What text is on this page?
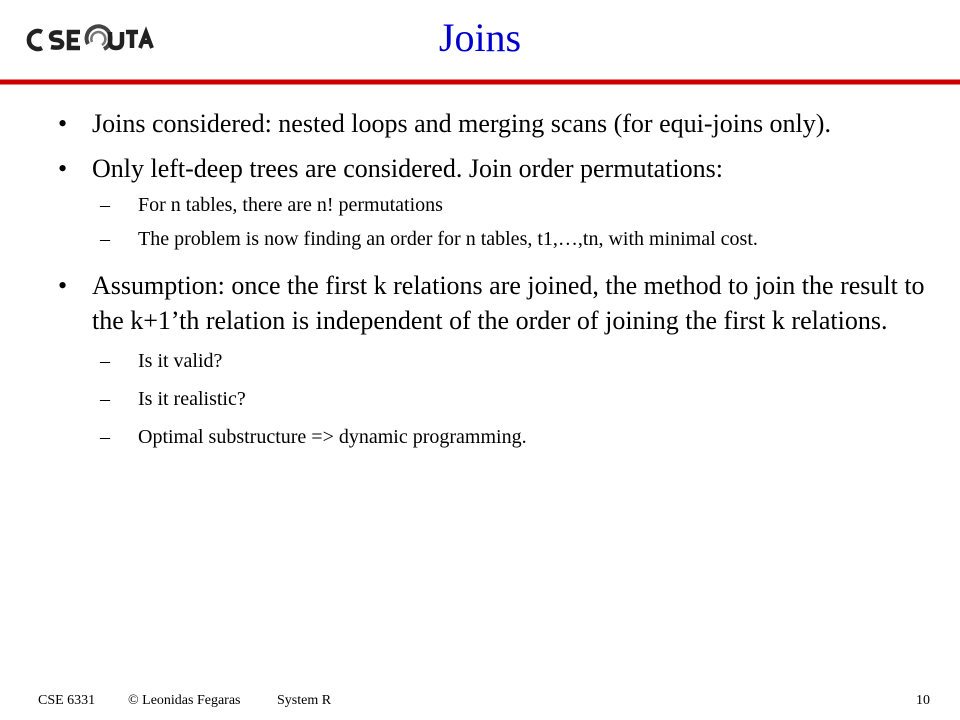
Joins
• Joins considered: nested loops and merging scans (for equi-joins only).
• Only left-deep trees are considered. Join order permutations:
– For n tables, there are n! permutations
– The problem is now finding an order for n tables, t1,…,tn, with minimal cost.
• Assumption: once the first k relations are joined, the method to join the result to the k+1’th relation is independent of the order of joining the first k relations.
– Is it valid?
– Is it realistic?
– Optimal substructure => dynamic programming.
CSE 6331 © Leonidas Fegaras	System R	10
